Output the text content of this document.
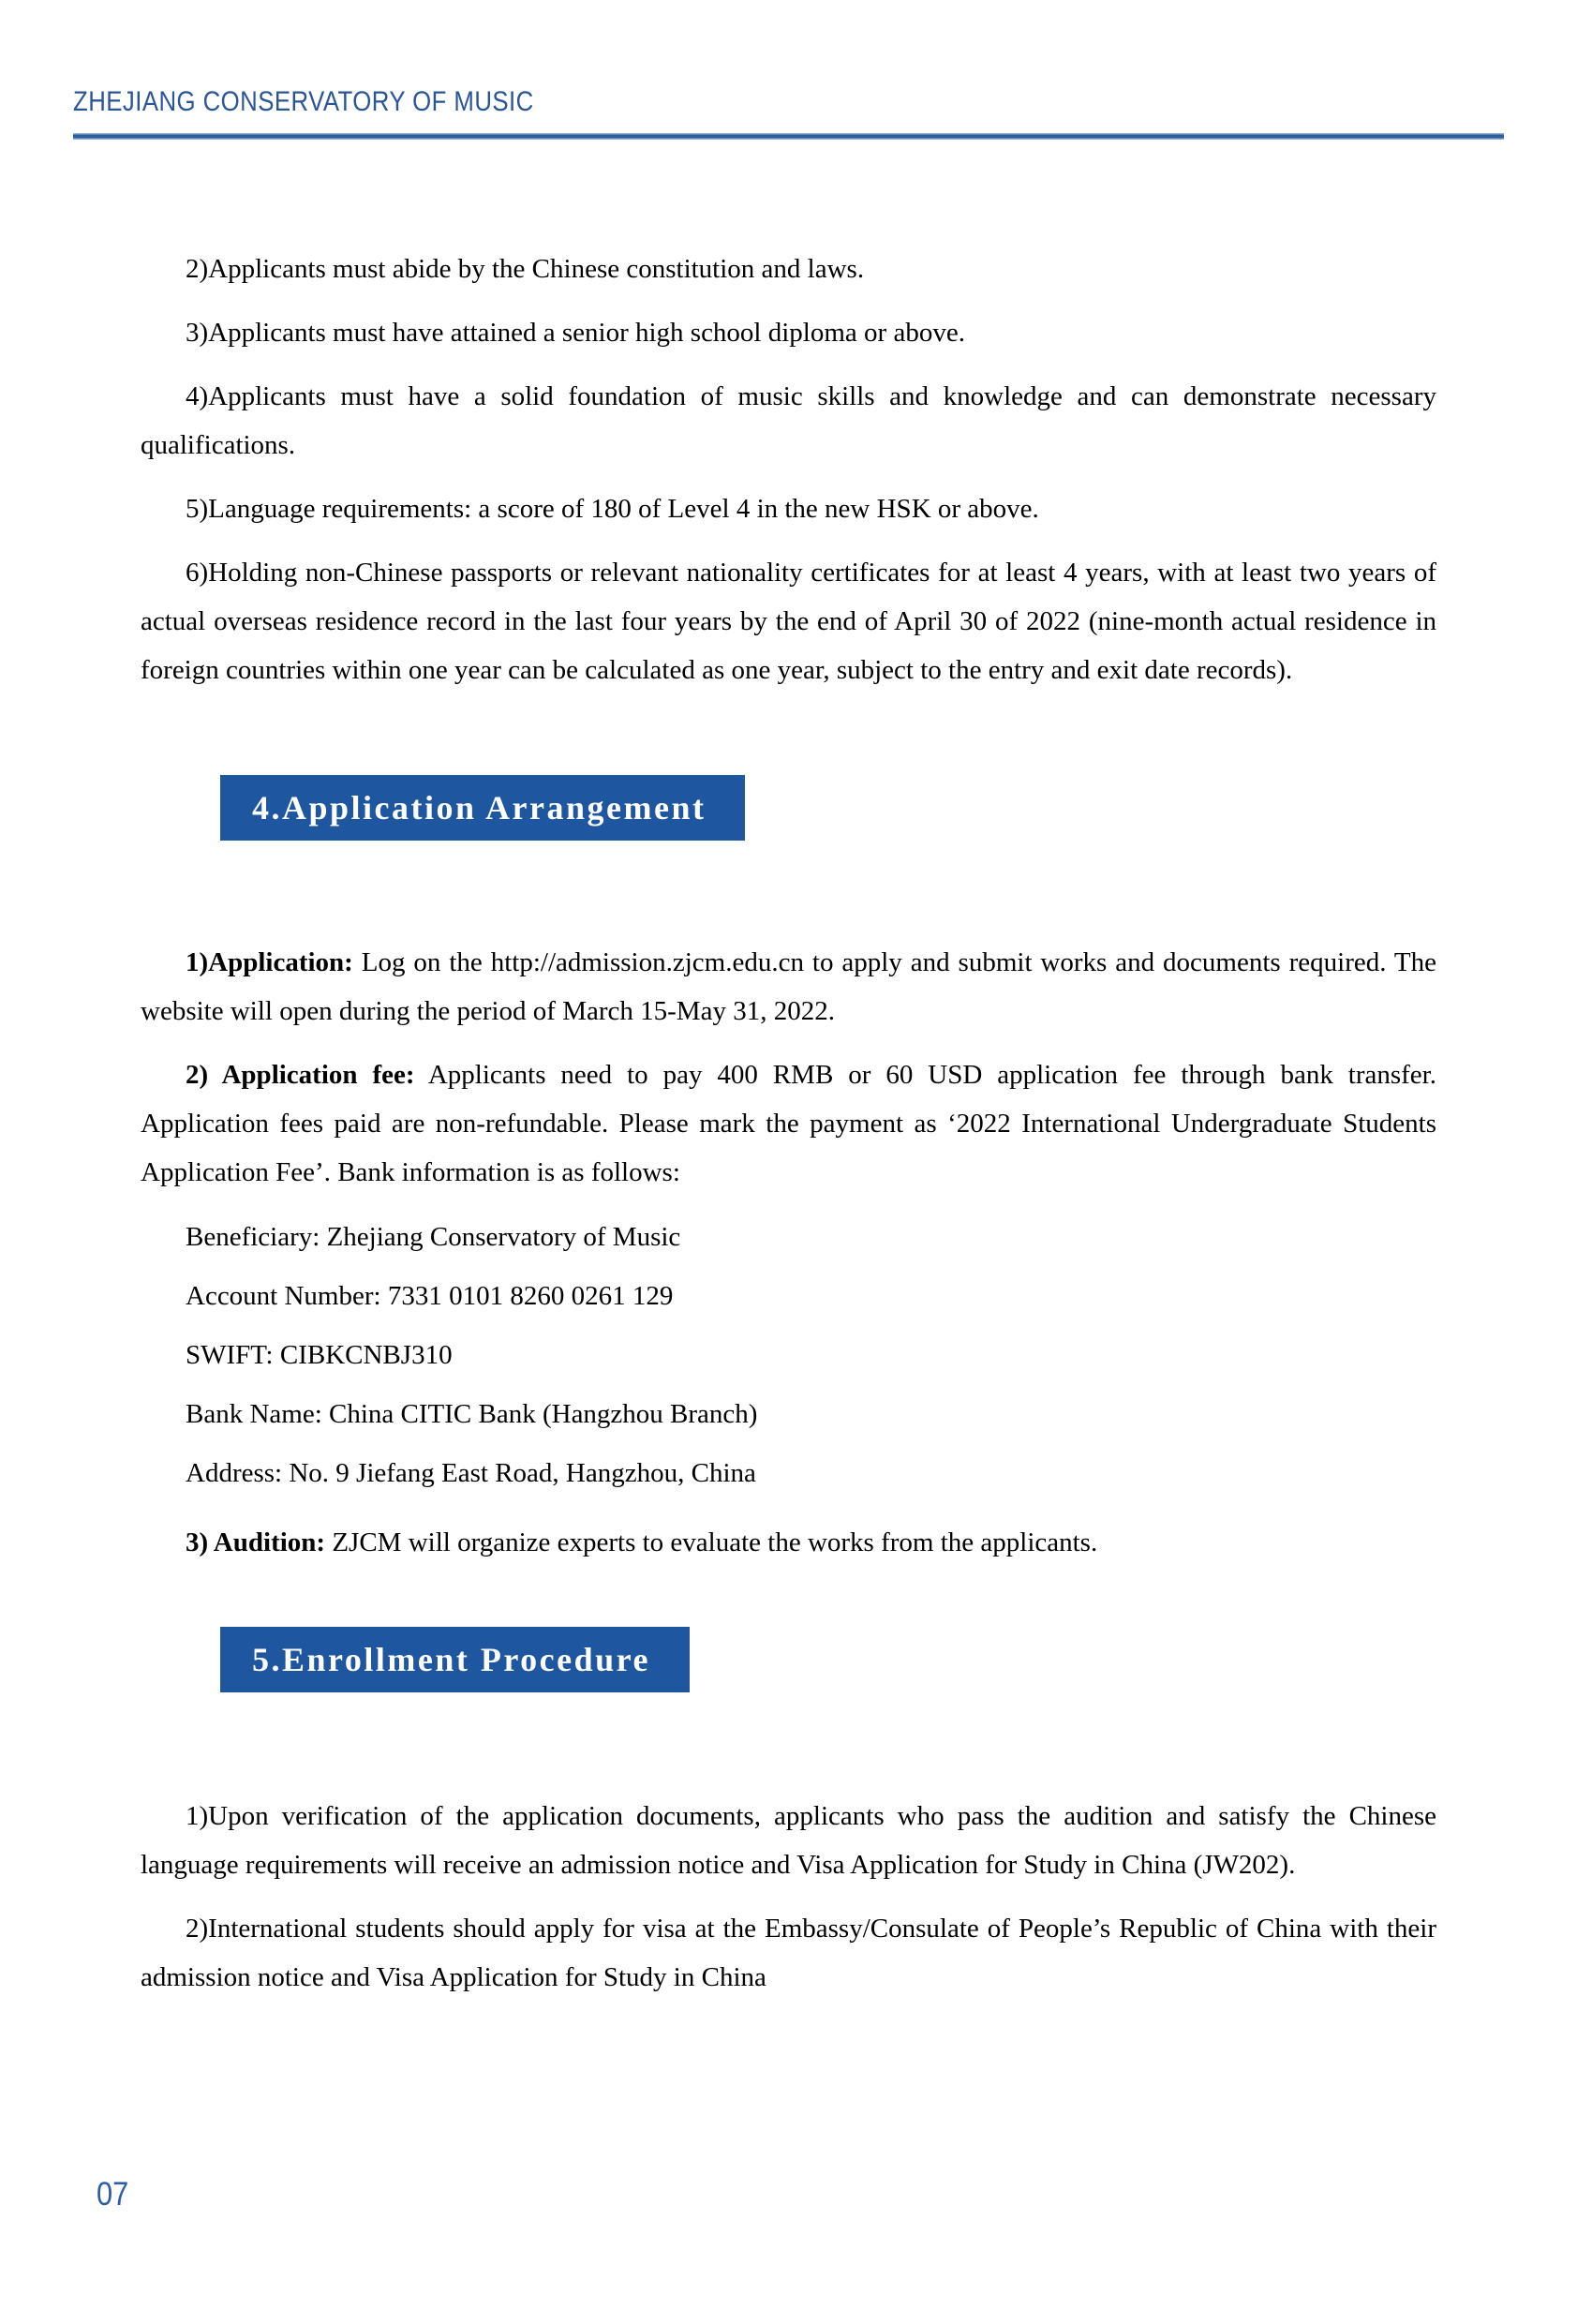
ZHEJIANG CONSERVATORY OF MUSIC

2)Applicants must abide by the Chinese constitution and laws.

3)Applicants must have attained a senior high school diploma or above.

4)Applicants must have a solid foundation of music skills and knowledge and can demonstrate necessary qualifications.

5)Language requirements: a score of 180 of Level 4 in the new HSK or above.

6)Holding non-Chinese passports or relevant nationality certificates for at least 4 years, with at least two years of actual overseas residence record in the last four years by the end of April 30 of 2022 (nine-month actual residence in foreign countries within one year can be calculated as one year, subject to the entry and exit date records).

4.Application Arrangement

1)Application: Log on the http://admission.zjcm.edu.cn to apply and submit works and documents required. The website will open during the period of March 15-May 31, 2022.

2) Application fee: Applicants need to pay 400 RMB or 60 USD application fee through bank transfer. Application fees paid are non-refundable. Please mark the payment as ‘2022 International Undergraduate Students Application Fee’. Bank information is as follows:

Beneficiary: Zhejiang Conservatory of Music
Account Number: 7331 0101 8260 0261 129
SWIFT: CIBKCNBJ310
Bank Name: China CITIC Bank (Hangzhou Branch)
Address: No. 9 Jiefang East Road, Hangzhou, China

3) Audition: ZJCM will organize experts to evaluate the works from the applicants.

5.Enrollment Procedure

1)Upon verification of the application documents, applicants who pass the audition and satisfy the Chinese language requirements will receive an admission notice and Visa Application for Study in China (JW202).

2)International students should apply for visa at the Embassy/Consulate of People’s Republic of China with their admission notice and Visa Application for Study in China

07
